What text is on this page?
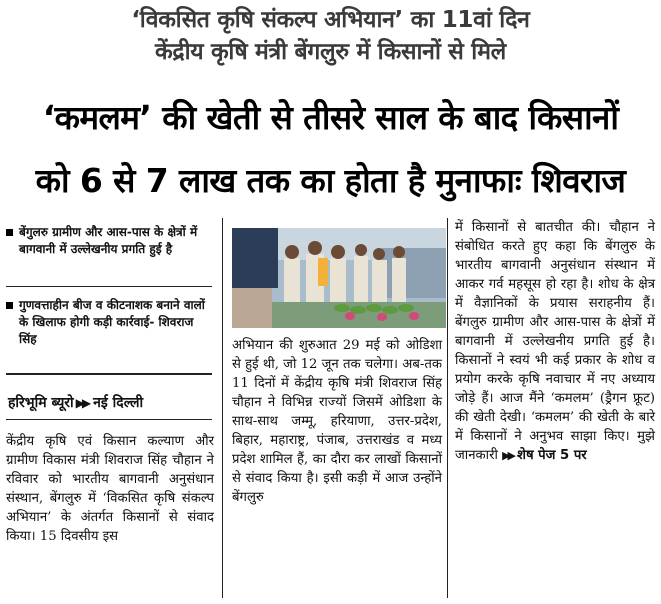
‘विकसित कृषि संकल्प अभियान’ का 11वां दिन
केंद्रीय कृषि मंत्री बेंगलुरु में किसानों से मिले
‘कमलम’ की खेती से तीसरे साल के बाद किसानों
को 6 से 7 लाख तक का होता है मुनाफाः शिवराज
बेंगुलरु ग्रामीण और आस-पास के क्षेत्रों में बागवानी में उल्लेखनीय प्रगति हुई है
गुणवत्ताहीन बीज व कीटनाशक बनाने वालों के खिलाफ होगी कड़ी कार्रवाई- शिवराज सिंह
हरिभूमि ब्यूरो ▶▶ नई दिल्ली

केंद्रीय कृषि एवं किसान कल्याण और ग्रामीण विकास मंत्री शिवराज सिंह चौहान ने रविवार को भारतीय बागवानी अनुसंधान संस्थान, बेंगलुरु में ‘विकसित कृषि संकल्प अभियान’ के अंतर्गत किसानों से संवाद किया। 15 दिवसीय इस

अभियान की शुरुआत 29 मई को ओडिशा से हुई थी, जो 12 जून तक चलेगा। अब-तक 11 दिनों में केंद्रीय कृषि मंत्री शिवराज सिंह चौहान ने विभिन्न राज्यों जिसमें ओडिशा के साथ-साथ जम्मू, हरियाणा, उत्तर-प्रदेश, बिहार, महाराष्ट्र, पंजाब, उत्तराखंड व मध्य प्रदेश शामिल हैं, का दौरा कर लाखों किसानों से संवाद किया है। इसी कड़ी में आज उन्होंने बेंगलुरु

में किसानों से बातचीत की। चौहान ने संबोधित करते हुए कहा कि बेंगलुरु के भारतीय बागवानी अनुसंधान संस्थान में आकर गर्व महसूस हो रहा है। शोध के क्षेत्र में वैज्ञानिकों के प्रयास सराहनीय हैं। बेंगलुरु ग्रामीण और आस-पास के क्षेत्रों में बागवानी में उल्लेखनीय प्रगति हुई है। किसानों ने स्वयं भी कई प्रकार के शोध व प्रयोग करके कृषि नवाचार में नए अध्याय जोड़े हैं। आज मैंने ‘कमलम’ (ड्रैगन फ्रूट) की खेती देखी। ‘कमलम’ की खेती के बारे में किसानों ने अनुभव साझा किए। मुझे जानकारी ▶▶ शेष पेज 5 पर
